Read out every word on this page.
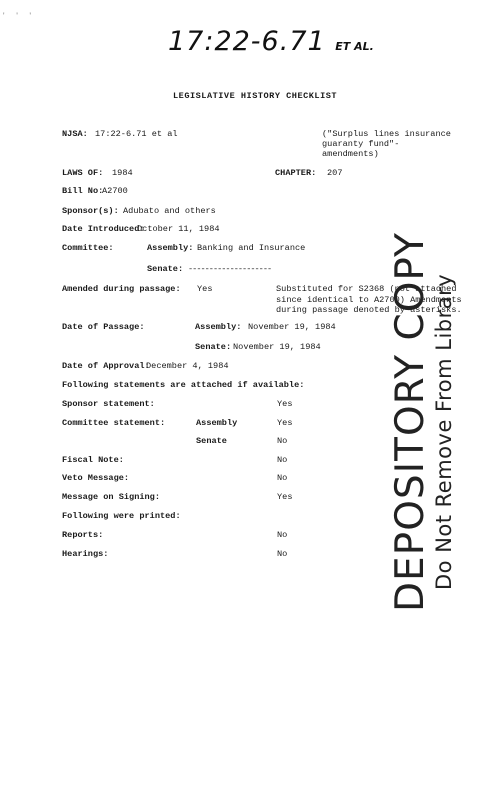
' ' '
17:22-6.71 ET AL.
LEGISLATIVE HISTORY CHECKLIST
NJSA: 17:22-6.71 et al	("Surplus lines insurance
guaranty fund"-
amendments)
LAWS OF: 1984	CHAPTER: 207
Bill No:
A2700
Sponsor(s): Adubato and others
Date Introduced:
October 11, 1984
Committee:	Assembly: Banking and Insurance
Senate: --------------------
Amended during passage: Yes	Substituted for S2368 (not attached
since identical to A2700) Amendments
during passage denoted by asterisks.
Date of Passage:	Assembly: November 19, 1984
Senate: November 19, 1984
Date of Approval:
December 4, 1984
Following statements are attached if available:
Sponsor statement:	Yes
Committee statement:	Assembly	Yes
Senate	No
Fiscal Note:	No
Veto Message:	No
Message on Signing:	Yes
Following were printed:
Reports:	No
Hearings:	No	DEPOSITORY COPY Do Not Remove From Library
